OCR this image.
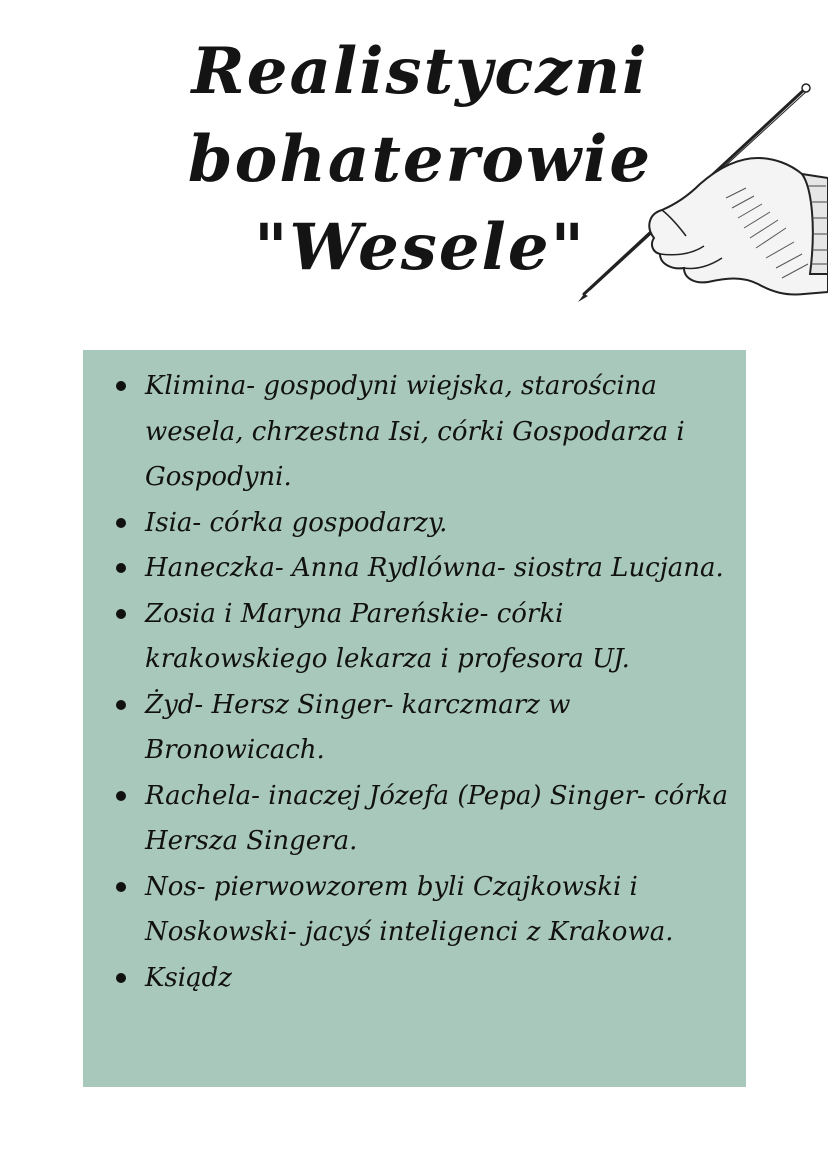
Realistyczni
bohaterowie
"Wesele"
Klimina- gospodyni wiejska, starościna wesela, chrzestna Isi, córki Gospodarza i Gospodyni.
Isia- córka gospodarzy.
Haneczka- Anna Rydlówna- siostra Lucjana.
Zosia i Maryna Pareńskie- córki krakowskiego lekarza i profesora UJ.
Żyd- Hersz Singer- karczmarz w Bronowicach.
Rachela- inaczej Józefa (Pepa) Singer- córka Hersza Singera.
Nos- pierwowzorem byli Czajkowski i Noskowski- jacyś inteligenci z Krakowa.
Ksiądz
